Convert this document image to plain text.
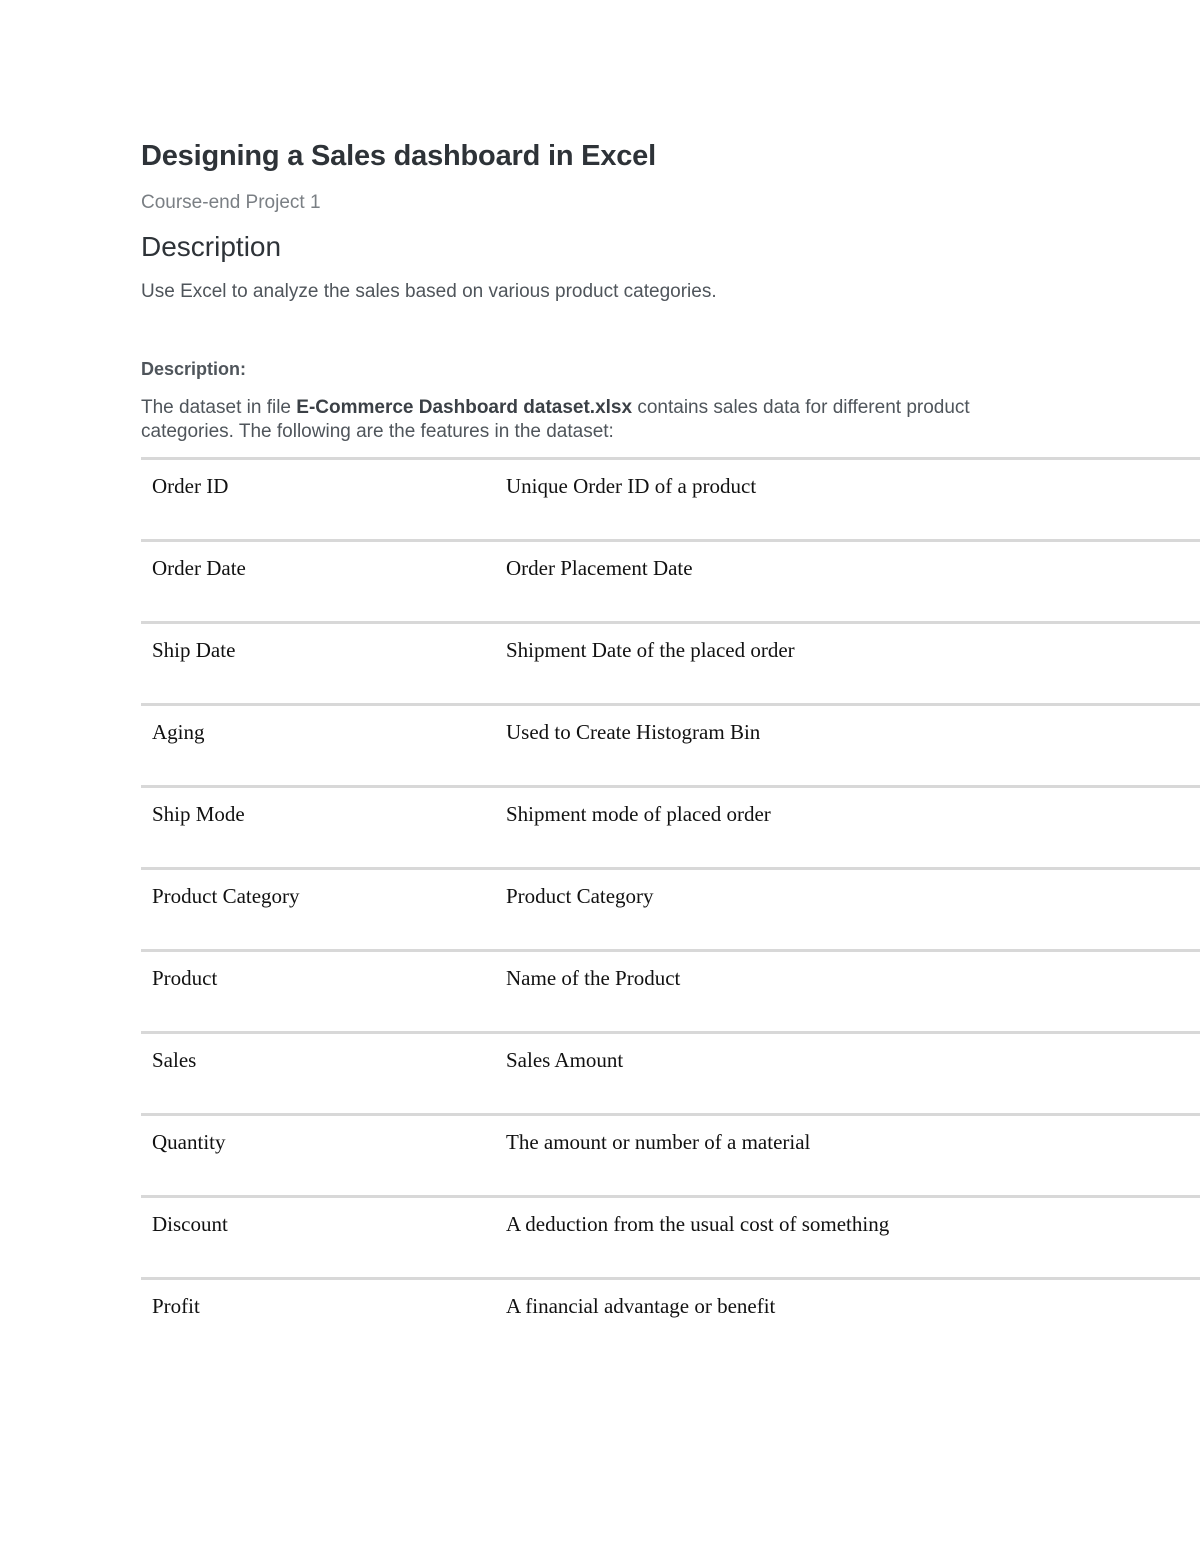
Designing a Sales dashboard in Excel
Course-end Project 1
Description
Use Excel to analyze the sales based on various product categories.
Description:

The dataset in file E-Commerce Dashboard dataset.xlsx contains sales data for different product categories. The following are the features in the dataset:

Order ID	Unique Order ID of a product
Order Date	Order Placement Date
Ship Date	Shipment Date of the placed order
Aging	Used to Create Histogram Bin
Ship Mode	Shipment mode of placed order
Product Category	Product Category
Product	Name of the Product
Sales	Sales Amount
Quantity	The amount or number of a material
Discount	A deduction from the usual cost of something
Profit	A financial advantage or benefit
